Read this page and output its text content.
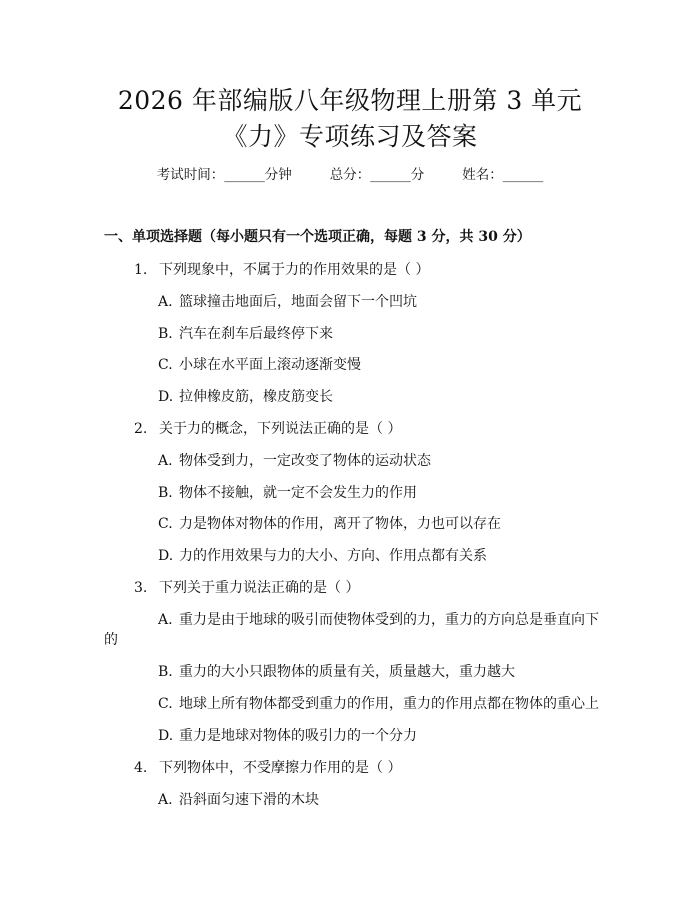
2026 年部编版八年级物理上册第 3 单元
《力》专项练习及答案
考试时间：______分钟	总分：______分	姓名：______
一、单项选择题（每小题只有一个选项正确，每题 3 分，共 30 分）
1. 下列现象中，不属于力的作用效果的是（ ）
A. 篮球撞击地面后，地面会留下一个凹坑
B. 汽车在刹车后最终停下来
C. 小球在水平面上滚动逐渐变慢
D. 拉伸橡皮筋，橡皮筋变长
2. 关于力的概念，下列说法正确的是（ ）
A. 物体受到力，一定改变了物体的运动状态
B. 物体不接触，就一定不会发生力的作用
C. 力是物体对物体的作用，离开了物体，力也可以存在
D. 力的作用效果与力的大小、方向、作用点都有关系
3. 下列关于重力说法正确的是（ ）
A. 重力是由于地球的吸引而使物体受到的力，重力的方向总是垂直向下
的
B. 重力的大小只跟物体的质量有关，质量越大，重力越大
C. 地球上所有物体都受到重力的作用，重力的作用点都在物体的重心上
D. 重力是地球对物体的吸引力的一个分力
4. 下列物体中，不受摩擦力作用的是（ ）
A. 沿斜面匀速下滑的木块
